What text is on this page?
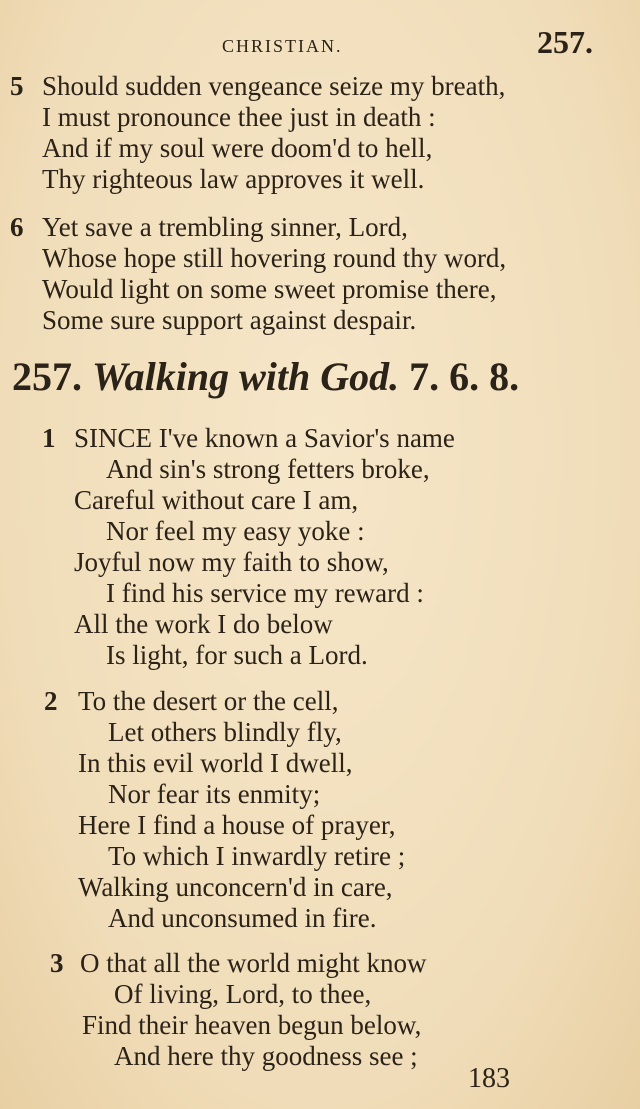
CHRISTIAN.	257.
5 Should sudden vengeance seize my breath,
I must pronounce thee just in death :
And if my soul were doom'd to hell,
Thy righteous law approves it well.
6 Yet save a trembling sinner, Lord,
Whose hope still hovering round thy word,
Would light on some sweet promise there,
Some sure support against despair.
257. Walking with God. 7. 6. 8.
1 SINCE I've known a Savior's name
And sin's strong fetters broke,
Careful without care I am,
Nor feel my easy yoke :
Joyful now my faith to show,
I find his service my reward :
All the work I do below
Is light, for such a Lord.
2 To the desert or the cell,
Let others blindly fly,
In this evil world I dwell,
Nor fear its enmity;
Here I find a house of prayer,
To which I inwardly retire ;
Walking unconcern'd in care,
And unconsumed in fire.
3 O that all the world might know
Of living, Lord, to thee,
Find their heaven begun below,
And here thy goodness see ;
183
